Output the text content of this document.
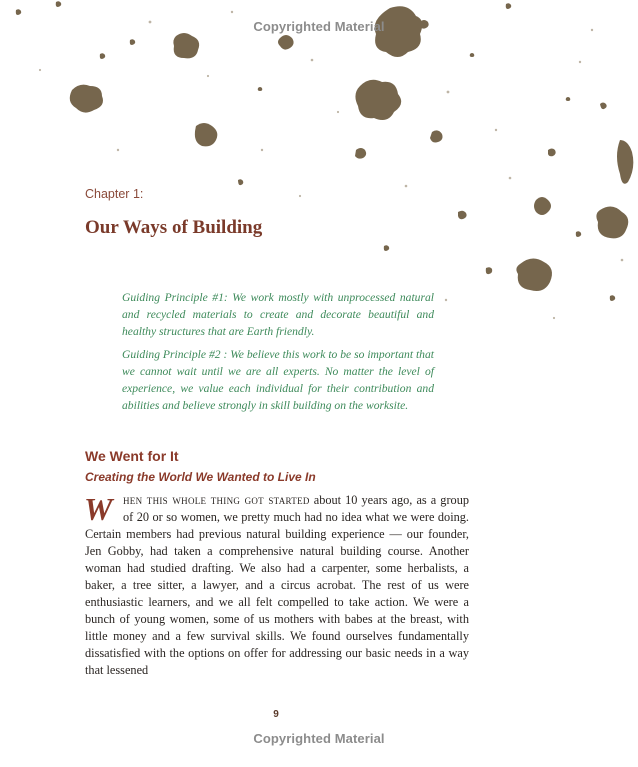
Copyrighted Material
Chapter 1:
Our Ways of Building

Guiding Principle #1: We work mostly with unprocessed natural and recycled materials to create and decorate beautiful and healthy structures that are Earth friendly.

Guiding Principle #2 : We believe this work to be so important that we cannot wait until we are all experts. No matter the level of experience, we value each individual for their contribution and abilities and believe strongly in skill building on the worksite.

We Went for It
Creating the World We Wanted to Live In
W hen this whole thing got started about 10 years ago, as a group of 20 or so women, we pretty much had no idea what we were doing. Certain members had previous natural building experience — our founder, Jen Gobby, had taken a comprehensive natural building course. Another woman had studied drafting. We also had a carpenter, some herbalists, a baker, a tree sitter, a lawyer, and a circus acrobat. The rest of us were enthusiastic learners, and we all felt compelled to take action. We were a bunch of young women, some of us mothers with babes at the breast, with little money and a few survival skills. We found ourselves fundamentally dissatisfied with the options on offer for addressing our basic needs in a way that lessened
9
Copyrighted Material
